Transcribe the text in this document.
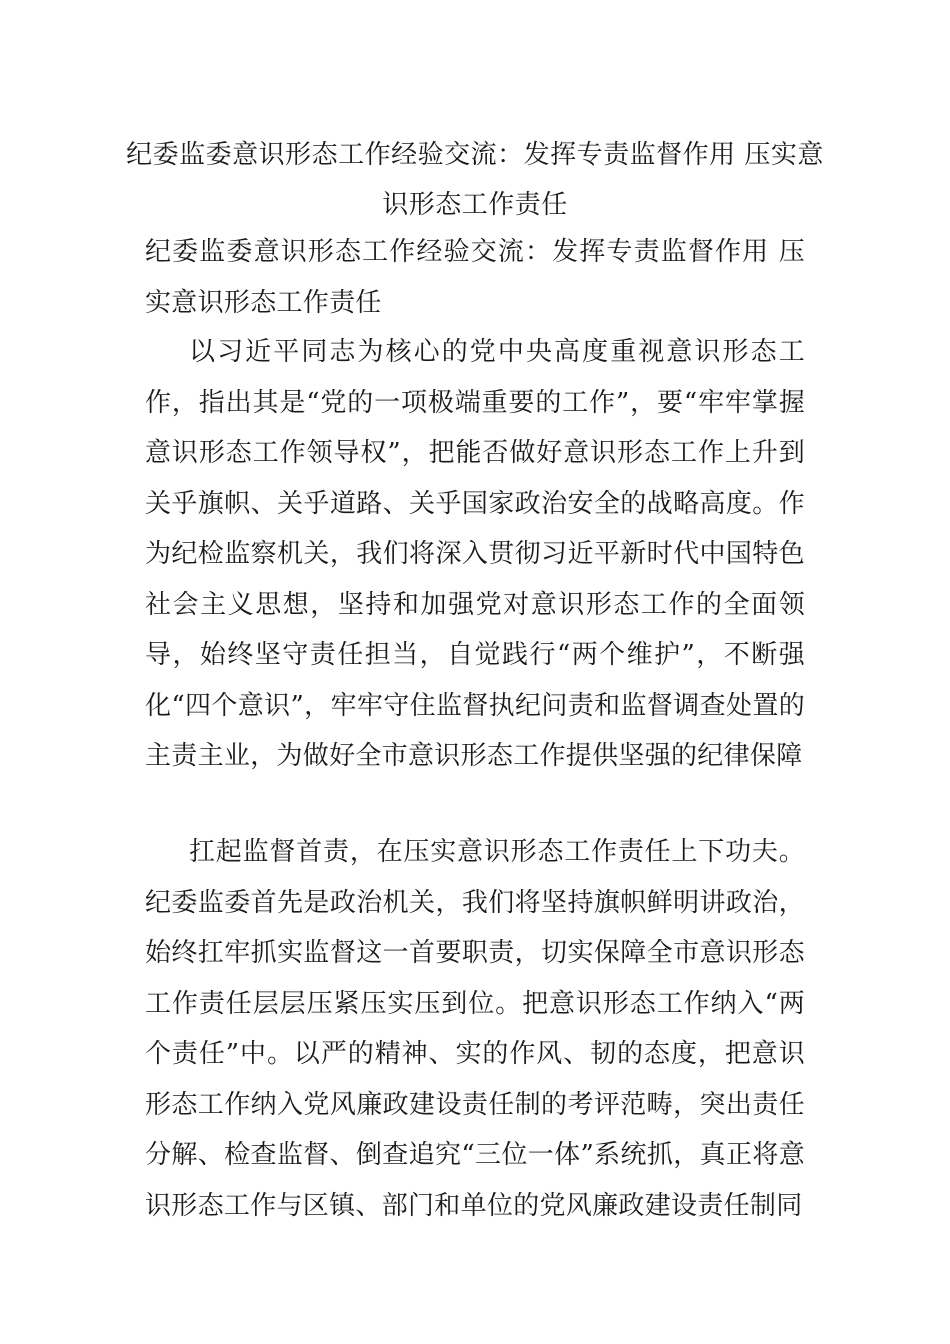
纪委监委意识形态工作经验交流：发挥专责监督作用 压实意识形态工作责任

纪委监委意识形态工作经验交流：发挥专责监督作用 压实意识形态工作责任

以习近平同志为核心的党中央高度重视意识形态工作，指出其是“党的一项极端重要的工作”，要“牢牢掌握意识形态工作领导权”，把能否做好意识形态工作上升到关乎旗帜、关乎道路、关乎国家政治安全的战略高度。作为纪检监察机关，我们将深入贯彻习近平新时代中国特色社会主义思想，坚持和加强党对意识形态工作的全面领导，始终坚守责任担当，自觉践行“两个维护”，不断强化“四个意识”，牢牢守住监督执纪问责和监督调查处置的主责主业，为做好全市意识形态工作提供坚强的纪律保障

扛起监督首责，在压实意识形态工作责任上下功夫。纪委监委首先是政治机关，我们将坚持旗帜鲜明讲政治，始终扛牢抓实监督这一首要职责，切实保障全市意识形态工作责任层层压紧压实压到位。把意识形态工作纳入“两个责任”中。以严的精神、实的作风、韧的态度，把意识形态工作纳入党风廉政建设责任制的考评范畴，突出责任分解、检查监督、倒查追究“三位一体”系统抓，真正将意识形态工作与区镇、部门和单位的党风廉政建设责任制同
